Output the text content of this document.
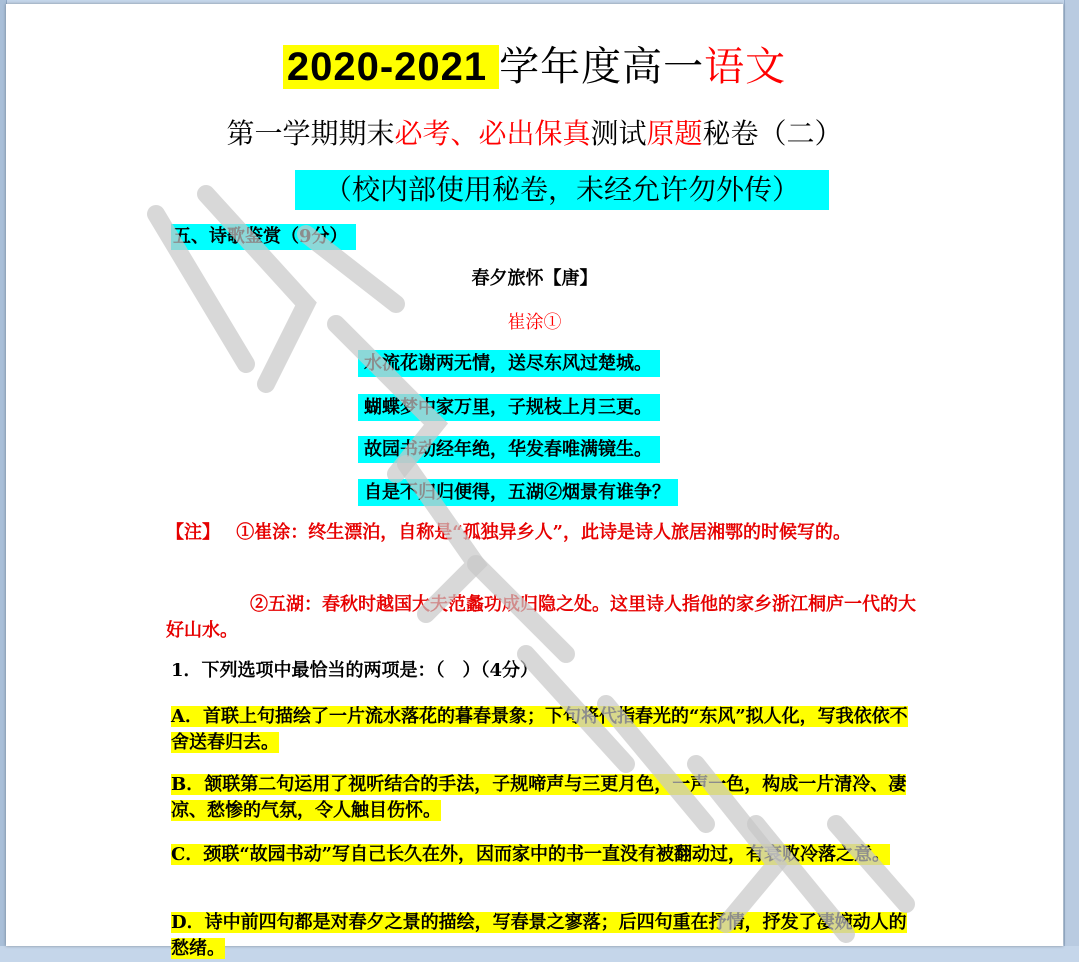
2020-2021 学年度高一语文
第一学期期末必考、必出保真测试原题秘卷（二）
（校内部使用秘卷，未经允许勿外传）
五、诗歌鉴赏（9分）
春夕旅怀【唐】
崔涂①
水流花谢两无情，送尽东风过楚城。
蝴蝶梦中家万里，子规枝上月三更。
故园书动经年绝，华发春唯满镜生。
自是不归归便得，五湖②烟景有谁争？
【注】 ①崔涂：终生漂泊，自称是“孤独异乡人”，此诗是诗人旅居湘鄂的时候写的。
②五湖：春秋时越国大夫范蠡功成归隐之处。这里诗人指他的家乡浙江桐庐一代的大好山水。
1．下列选项中最恰当的两项是：（　）（4分）
A．首联上句描绘了一片流水落花的暮春景象；下句将代指春光的“东风”拟人化，写我依依不舍送春归去。
B．颔联第二句运用了视听结合的手法，子规啼声与三更月色，一声一色，构成一片清冷、凄凉、愁惨的气氛，令人触目伤怀。
C．颈联“故园书动”写自己长久在外，因而家中的书一直没有被翻动过，有衰败冷落之意。
D．诗中前四句都是对春夕之景的描绘，写春景之寥落；后四句重在抒情，抒发了凄婉动人的愁绪。
